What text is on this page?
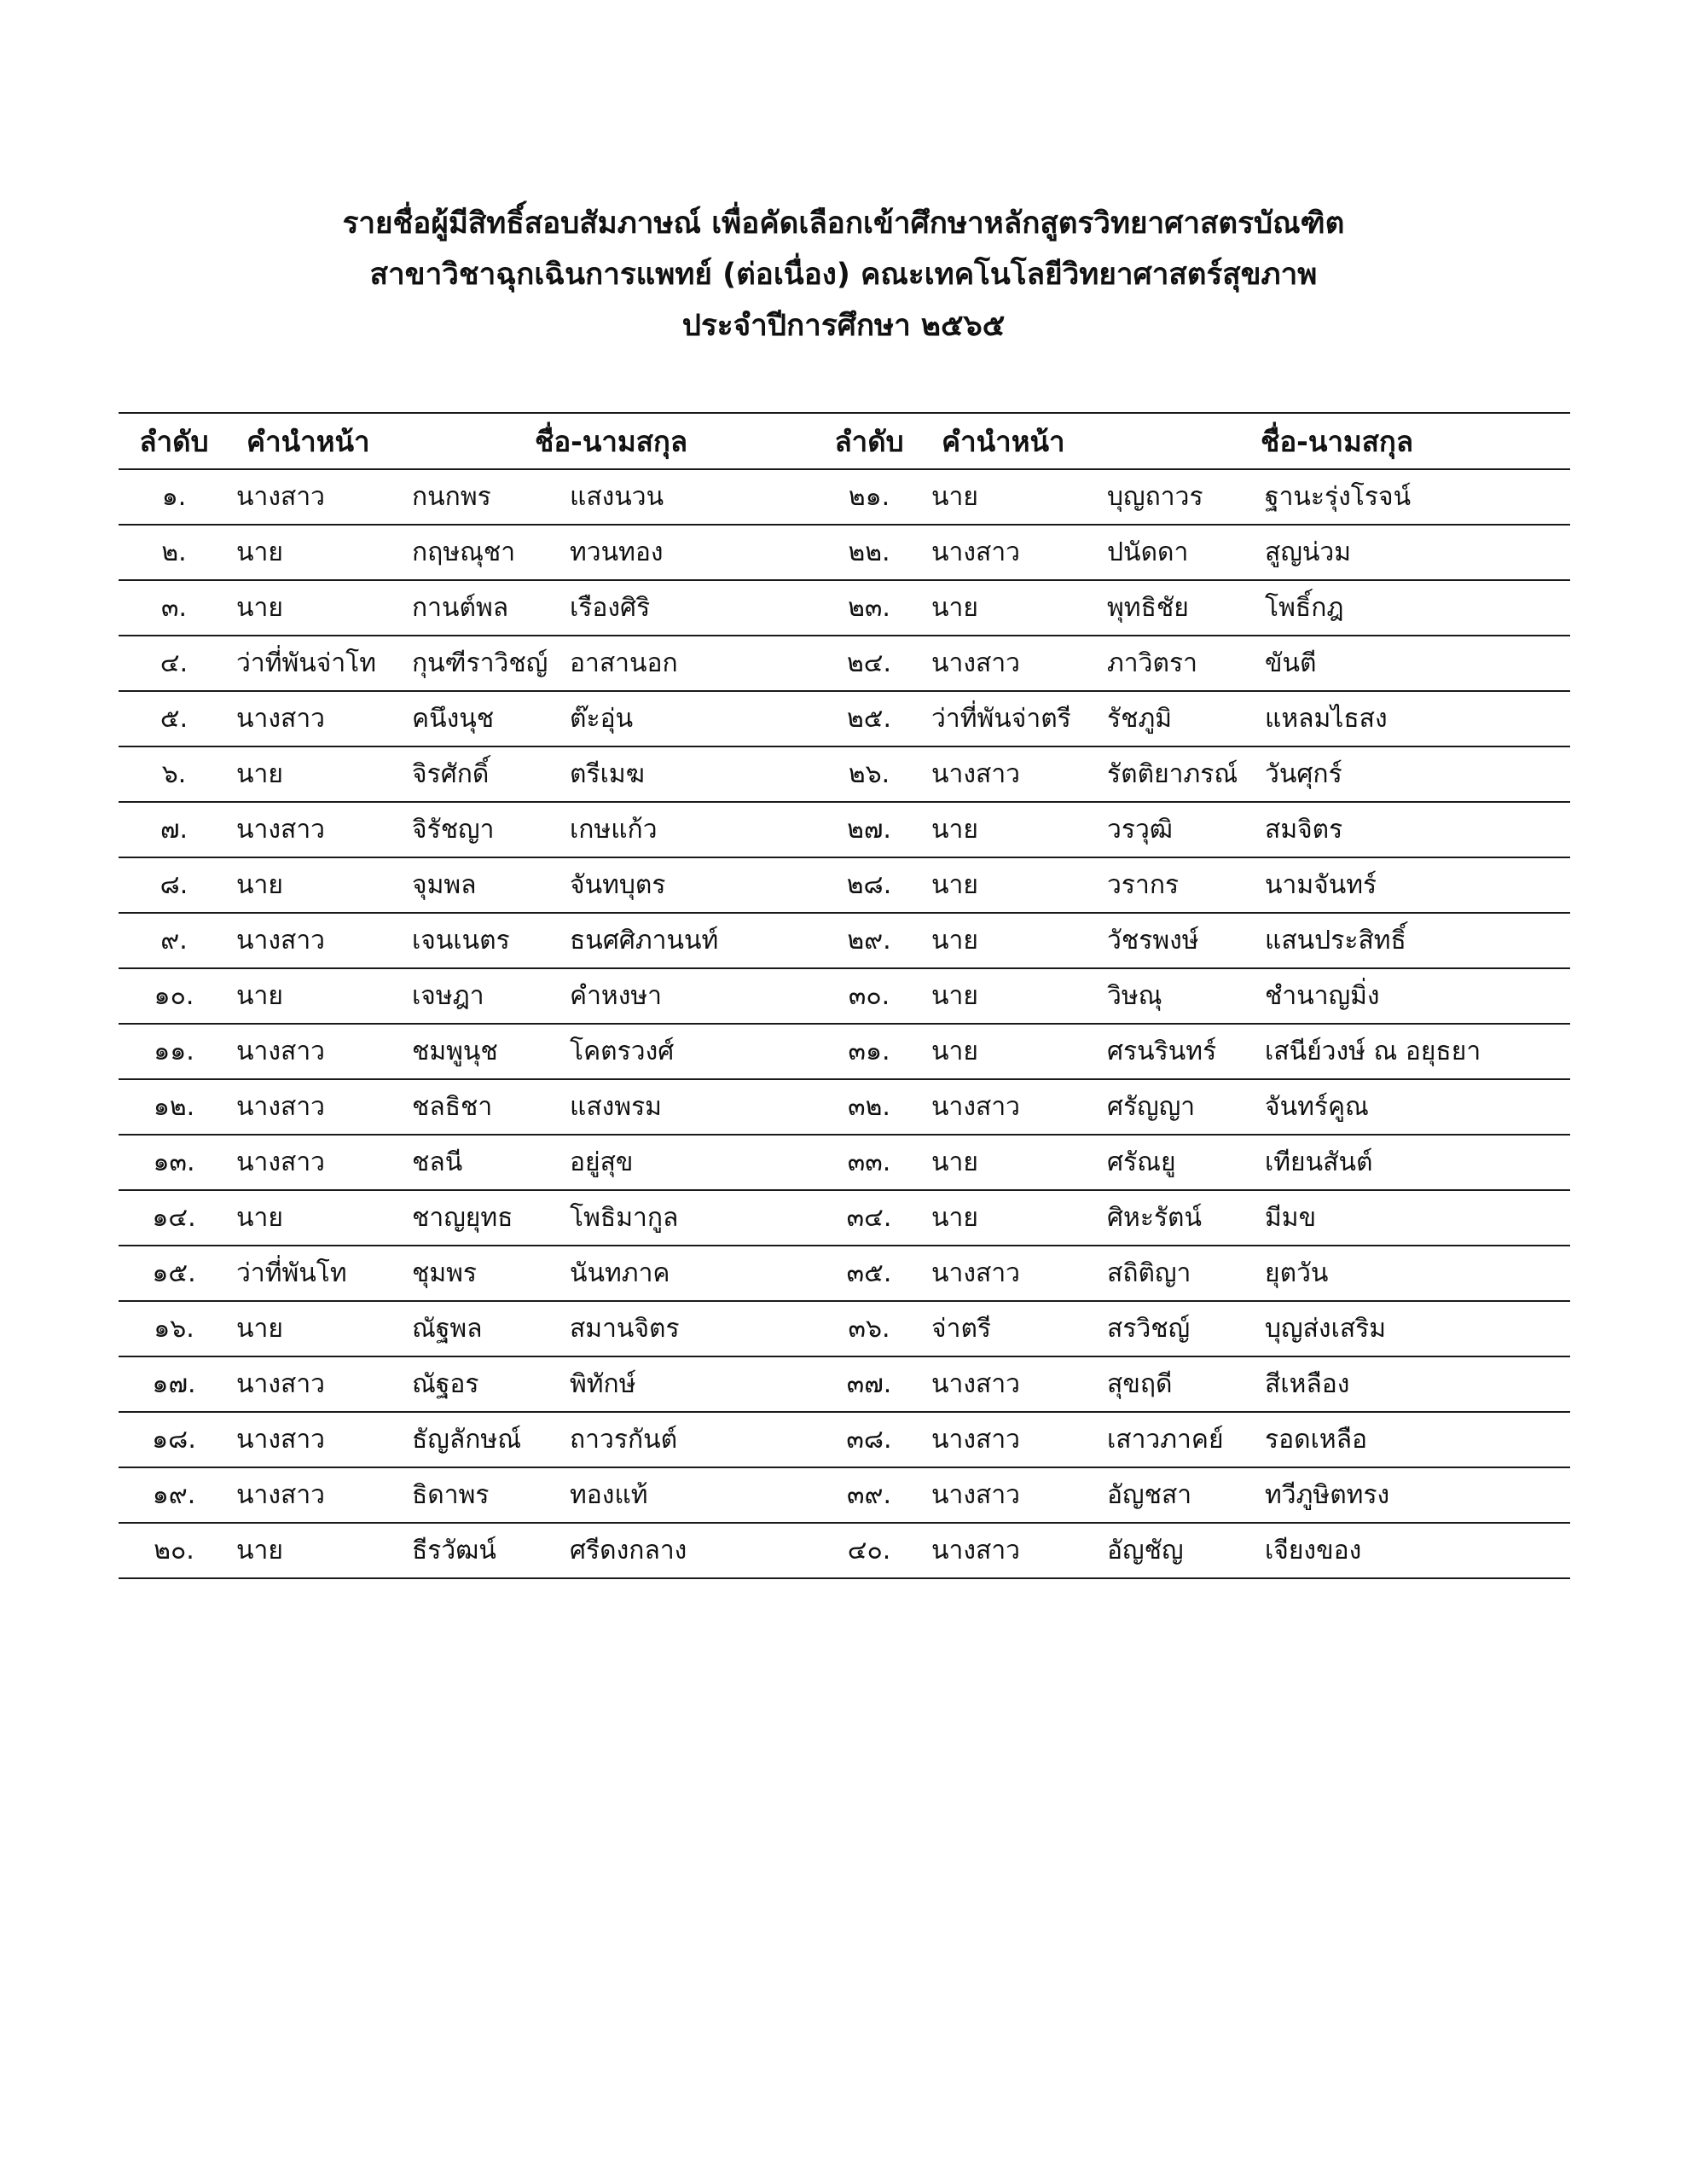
รายชื่อผู้มีสิทธิ์สอบสัมภาษณ์ เพื่อคัดเลือกเข้าศึกษาหลักสูตรวิทยาศาสตรบัณฑิต
สาขาวิชาฉุกเฉินการแพทย์ (ต่อเนื่อง) คณะเทคโนโลยีวิทยาศาสตร์สุขภาพ
ประจำปีการศึกษา ๒๕๖๕
ลำดับ	คำนำหน้า	ชื่อ-นามสกุล		ลำดับ	คำนำหน้า	ชื่อ-นามสกุล	
๑.	นางสาว	กนกพร	แสงนวน	๒๑.	นาย	บุญถาวร	ฐานะรุ่งโรจน์
๒.	นาย	กฤษณุชา	ทวนทอง	๒๒.	นางสาว	ปนัดดา	สูญน่วม
๓.	นาย	กานต์พล	เรืองศิริ	๒๓.	นาย	พุทธิชัย	โพธิ์กฎ
๔.	ว่าที่พันจ่าโท	กุนฑีราวิชญ์	อาสานอก	๒๔.	นางสาว	ภาวิตรา	ขันตี
๕.	นางสาว	คนึงนุช	ต๊ะอุ่น	๒๕.	ว่าที่พันจ่าตรี	รัชภูมิ	แหลมไธสง
๖.	นาย	จิรศักดิ์	ตรีเมฆ	๒๖.	นางสาว	รัตติยาภรณ์	วันศุกร์
๗.	นางสาว	จิรัชญา	เกษแก้ว	๒๗.	นาย	วรวุฒิ	สมจิตร
๘.	นาย	จุมพล	จันทบุตร	๒๘.	นาย	วรากร	นามจันทร์
๙.	นางสาว	เจนเนตร	ธนศศิภานนท์	๒๙.	นาย	วัชรพงษ์	แสนประสิทธิ์
๑๐.	นาย	เจษฎา	คำหงษา	๓๐.	นาย	วิษณุ	ชำนาญมิ่ง
๑๑.	นางสาว	ชมพูนุช	โคตรวงศ์	๓๑.	นาย	ศรนรินทร์	เสนีย์วงษ์ ณ อยุธยา
๑๒.	นางสาว	ชลธิชา	แสงพรม	๓๒.	นางสาว	ศรัญญา	จันทร์คูณ
๑๓.	นางสาว	ชลนี	อยู่สุข	๓๓.	นาย	ศรัณยู	เทียนสันต์
๑๔.	นาย	ชาญยุทธ	โพธิมากูล	๓๔.	นาย	ศิหะรัตน์	มีมข
๑๕.	ว่าที่พันโท	ชุมพร	นันทภาค	๓๕.	นางสาว	สถิติญา	ยุตวัน
๑๖.	นาย	ณัฐพล	สมานจิตร	๓๖.	จ่าตรี	สรวิชญ์	บุญส่งเสริม
๑๗.	นางสาว	ณัฐอร	พิทักษ์	๓๗.	นางสาว	สุขฤดี	สีเหลือง
๑๘.	นางสาว	ธัญลักษณ์	ถาวรกันต์	๓๘.	นางสาว	เสาวภาคย์	รอดเหลือ
๑๙.	นางสาว	ธิดาพร	ทองแท้	๓๙.	นางสาว	อัญชสา	ทวีภูษิตทรง
๒๐.	นาย	ธีรวัฒน์	ศรีดงกลาง	๔๐.	นางสาว	อัญชัญ	เจียงของ
